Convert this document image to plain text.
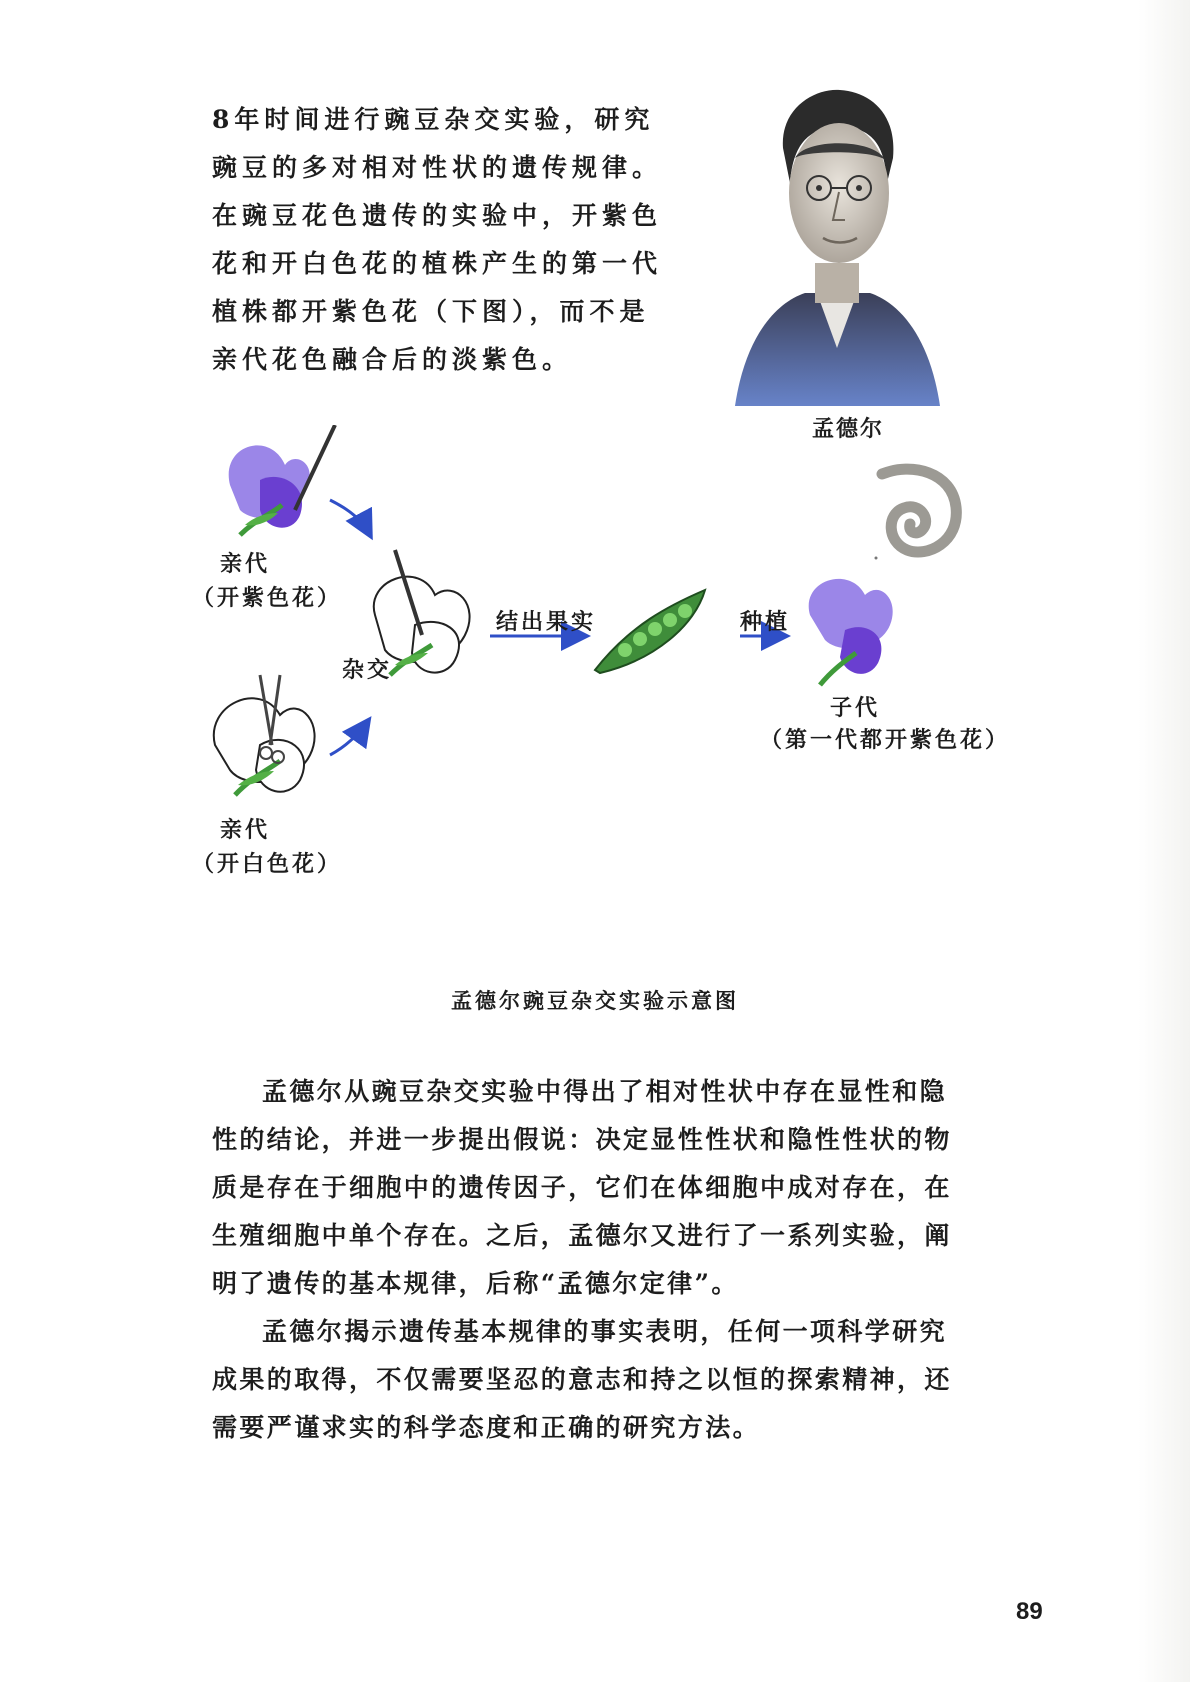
8年时间进行豌豆杂交实验，研究豌豆的多对相对性状的遗传规律。在豌豆花色遗传的实验中，开紫色花和开白色花的植株产生的第一代植株都开紫色花（下图），而不是亲代花色融合后的淡紫色。

孟德尔
亲代
（开紫色花）
亲代
（开白色花）
杂交
结出果实	种植
子代
（第一代都开紫色花）
孟德尔豌豆杂交实验示意图

孟德尔从豌豆杂交实验中得出了相对性状中存在显性和隐性的结论，并进一步提出假说：决定显性性状和隐性性状的物质是存在于细胞中的遗传因子，它们在体细胞中成对存在，在生殖细胞中单个存在。之后，孟德尔又进行了一系列实验，阐明了遗传的基本规律，后称“孟德尔定律”。

孟德尔揭示遗传基本规律的事实表明，任何一项科学研究成果的取得，不仅需要坚忍的意志和持之以恒的探索精神，还需要严谨求实的科学态度和正确的研究方法。

89
